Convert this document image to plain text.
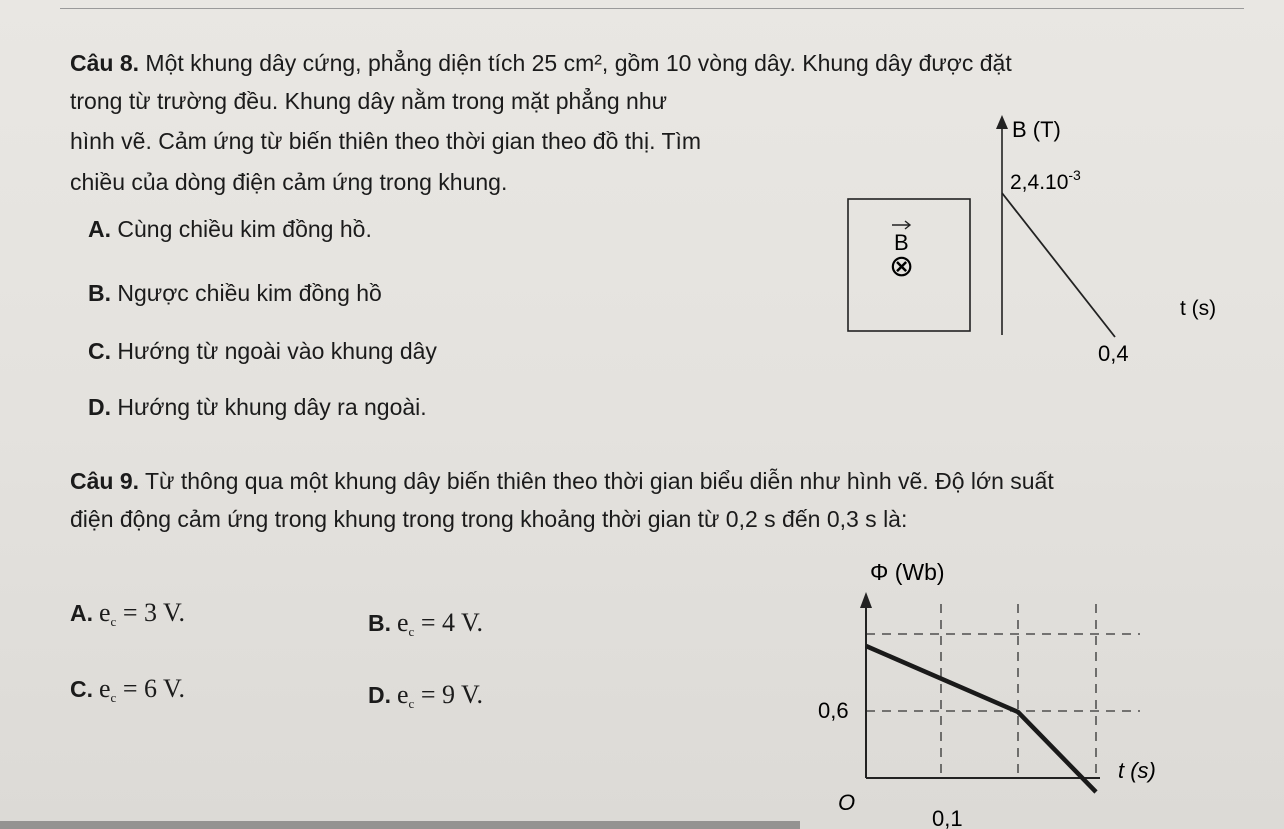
Câu 8. Một khung dây cứng, phẳng diện tích 25 cm², gồm 10 vòng dây. Khung dây được đặt
trong từ trường đều. Khung dây nằm trong mặt phẳng như
hình vẽ. Cảm ứng từ biến thiên theo thời gian theo đồ thị. Tìm
chiều của dòng điện cảm ứng trong khung.
A. Cùng chiều kim đồng hồ.
B. Ngược chiều kim đồng hồ
C. Hướng từ ngoài vào khung dây
D. Hướng từ khung dây ra ngoài.
B
⊗
B (T)
$2,4.10^{-3}$
t (s)
0,4
Câu 9. Từ thông qua một khung dây biến thiên theo thời gian biểu diễn như hình vẽ. Độ lớn suất
điện động cảm ứng trong khung trong trong khoảng thời gian từ 0,2 s đến 0,3 s là:
A. $e_c = 3$ V.	B. $e_c = 4$ V.
C. $e_c = 6$ V.	D. $e_c = 9$ V.
Φ (Wb)
0,6
t (s)
O
0,1
